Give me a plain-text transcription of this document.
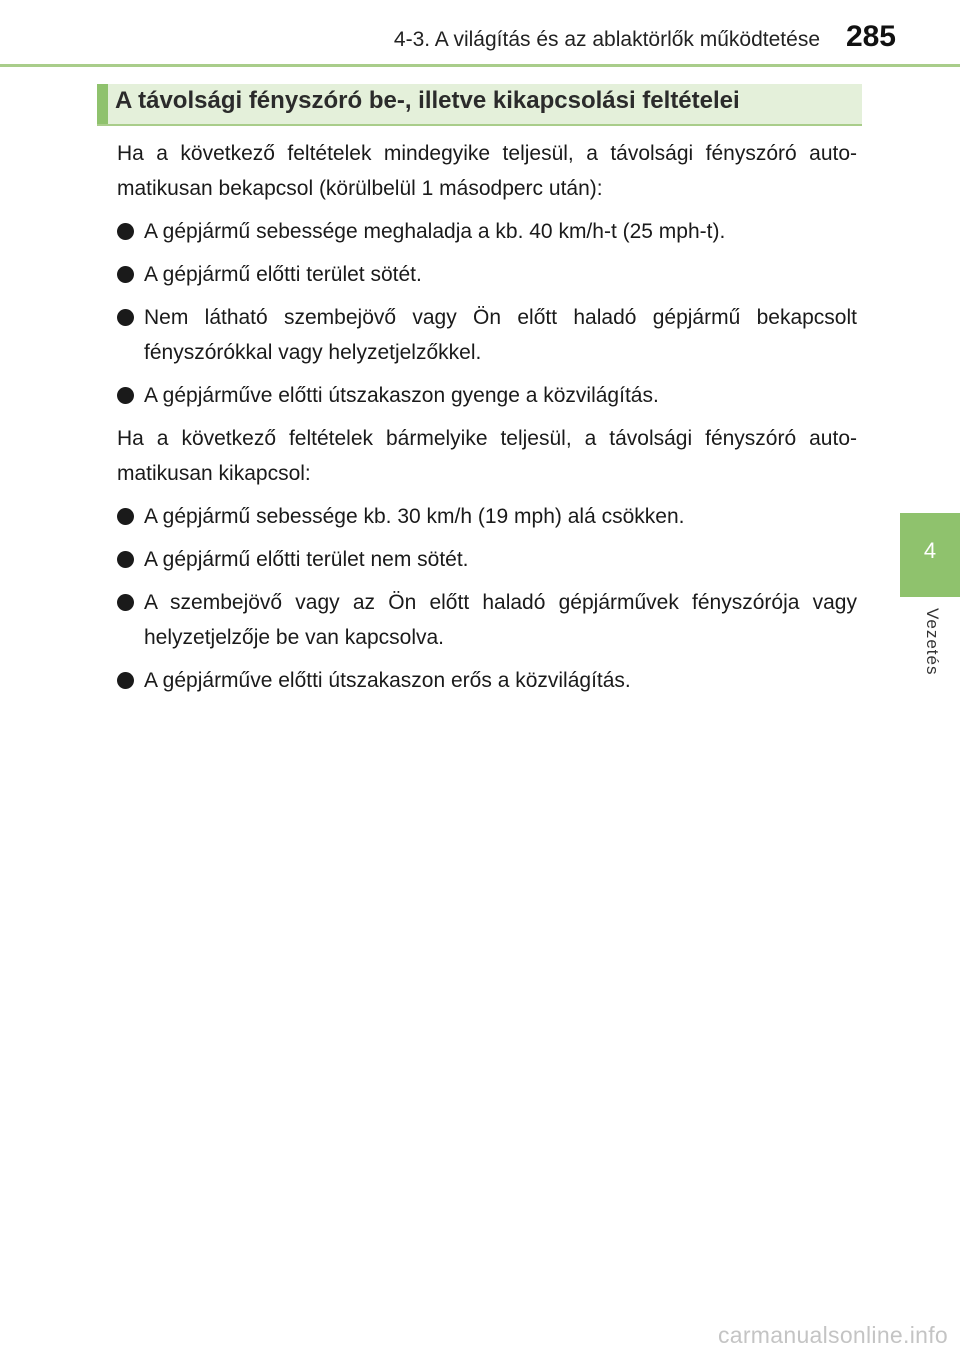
4-3. A világítás és az ablaktörlők működtetése 285
4
Vezetés
A távolsági fényszóró be-, illetve kikapcsolási feltételei

Ha a következő feltételek mindegyike teljesül, a távolsági fényszóró auto-matikusan bekapcsol (körülbelül 1 másodperc után):

A gépjármű sebessége meghaladja a kb. 40 km/h-t (25 mph-t).
A gépjármű előtti terület sötét.
Nem látható szembejövő vagy Ön előtt haladó gépjármű bekapcsolt fényszórókkal vagy helyzetjelzőkkel.
A gépjárműve előtti útszakaszon gyenge a közvilágítás.

Ha a következő feltételek bármelyike teljesül, a távolsági fényszóró auto-matikusan kikapcsol:

A gépjármű sebessége kb. 30 km/h (19 mph) alá csökken.
A gépjármű előtti terület nem sötét.
A szembejövő vagy az Ön előtt haladó gépjárművek fényszórója vagy helyzetjelzője be van kapcsolva.
A gépjárműve előtti útszakaszon erős a közvilágítás.
carmanualsonline.info
